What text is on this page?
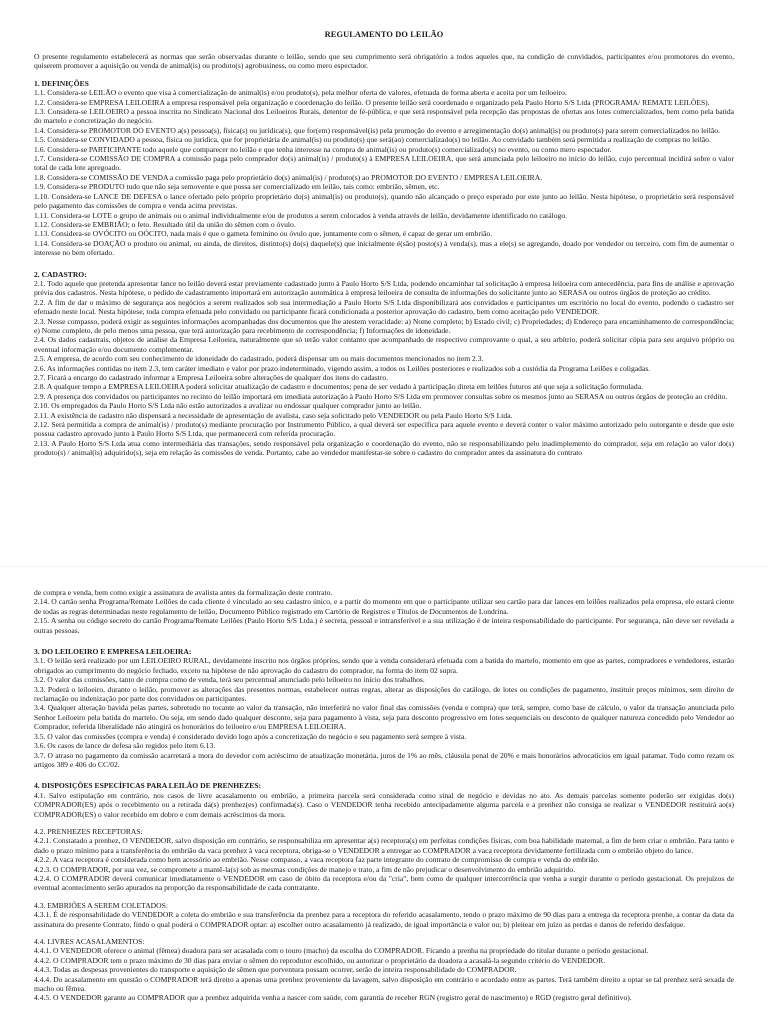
REGULAMENTO DO LEILÃO

O presente regulamento estabelecerá as normas que serão observadas durante o leilão, sendo que seu cumprimento será obrigatório a todos aqueles que, na condição de convidados, participantes e/ou promotores do evento, quiserem promover a aquisição ou venda de animal(is) ou produto(s) agrobusiness, ou como mero espectador.

1. DEFINIÇÕES

1.1. Considera-se LEILÃO o evento que visa à comercialização de animal(is) e/ou produto(s), pela melhor oferta de valores, efetuada de forma aberta e aceita por um leiloeiro.

1.2. Considera-se EMPRESA LEILOEIRA a empresa responsável pela organização e coordenação do leilão. O presente leilão será coordenado e organizado pela Paulo Horto S/S Ltda (PROGRAMA/ REMATE LEILÕES).

1.3. Considera-se LEILOEIRO a pessoa inscrita no Sindicato Nacional dos Leiloeiros Rurais, detentor de fé-pública, e que será responsável pela recepção das propostas de ofertas aos lotes comercializados, bem como pela batida do martelo e concretização do negócio.

1.4. Considera-se PROMOTOR DO EVENTO a(s) pessoa(s), física(s) ou jurídica(s), que for(em) responsável(is) pela promoção do evento e arregimentação do(s) animal(is) ou produto(s) para serem comercializados no leilão.

1.5. Considera-se CONVIDADO a pessoa, física ou jurídica, que for proprietária de animal(is) ou produto(s) que será(ao) comercializado(s) no leilão. Ao convidado também será permitida a realização de compras no leilão.

1.6. Considera-se PARTICIPANTE todo aquele que comparecer no leilão e que tenha interesse na compra de animal(is) ou produto(s) comercializado(s) no evento, ou como mero espectador.

1.7. Considera-se COMISSÃO DE COMPRA a comissão paga pelo comprador do(s) animal(is) / produto(s) à EMPRESA LEILOEIRA, que será anunciada pelo leiloeiro no início do leilão, cujo percentual incidirá sobre o valor total de cada lote apregoado.

1.8. Considera-se COMISSÃO DE VENDA a comissão paga pelo proprietário do(s) animal(is) / produto(s) ao PROMOTOR DO EVENTO / EMPRESA LEILOEIRA.

1.9. Considera-se PRODUTO tudo que não seja semovente e que possa ser comercializado em leilão, tais como: embrião, sêmen, etc.

1.10. Considera-se LANCE DE DEFESA o lance ofertado pelo próprio proprietário do(s) animal(is) ou produto(s), quando não alcançado o preço esperado por este junto ao leilão. Nesta hipótese, o proprietário será responsável pelo pagamento das comissões de compra e venda acima previstas.

1.11. Considera-se LOTE o grupo de animais ou o animal individualmente e/ou de produtos a serem colocados à venda através de leilão, devidamente identificado no catálogo.

1.12. Considera-se EMBRIÃO; o feto. Resultado útil da união do sêmen com o óvulo.

1.13. Considera-se OVÓCITO ou OÓCITO, nada mais é que o gameta feminino ou óvulo que, juntamente com o sêmen, é capaz de gerar um embrião.

1.14. Considera-se DOAÇÃO o produto ou animal, ou ainda, de direitos, distinto(s) do(s) daquele(s) que inicialmente é(são) posto(s) à venda(s), mas a ele(s) se agregando, doado por vendedor ou terceiro, com fim de aumentar o interesse no bem ofertado.

2. CADASTRO:

2.1. Todo aquele que pretenda apresentar lance no leilão deverá estar previamente cadastrado junto à Paulo Horto S/S Ltda, podendo encaminhar tal solicitação à empresa leiloeira com antecedência, para fins de análise e aprovação prévia dos cadastros. Nesta hipótese, o pedido de cadastramento importará em autorização automática à empresa leiloeira de consulta de informações do solicitante junto ao SERASA ou outros órgãos de proteção ao crédito.

2.2. A fim de dar o máximo de segurança aos negócios a serem realizados sob sua intermediação a Paulo Horto S/S Ltda disponibilizará aos convidados e participantes um escritório no local do evento, podendo o cadastro ser efetuado neste local. Nesta hipótese, toda compra efetuada pelo convidado ou participante ficará condicionada a posterior aprovação do cadastro, bem como aceitação pelo VENDEDOR.

2.3. Nesse compasso, poderá exigir as seguintes informações acompanhadas dos documentos que lhe atestem veracidade: a) Nome completo; b) Estado civil; c) Propriedades; d) Endereço para encaminhamento de correspondência; e) Nome completo, de pelo menos uma pessoa, que terá autorização para recebimento de correspondência; f) Informações de idoneidade.

2.4. Os dados cadastrais, objetos de análise da Empresa Leiloeira, naturalmente que só terão valor contanto que acompanhado de respectivo comprovante o qual, a seu arbítrio, poderá solicitar cópia para seu arquivo próprio ou eventual informação e/ou documento complementar.

2.5. A empresa, de acordo com seu conhecimento de idoneidade do cadastrado, poderá dispensar um ou mais documentos mencionados no item 2.3.

2.6. As informações contidas no item 2.3, tem caráter imediato e valor por prazo indeterminado, vigendo assim, a todos os Leilões posteriores e realizados sob a custódia da Programa Leilões e coligadas.

2.7. Ficará a encargo do cadastrado informar a Empresa Leiloeira sobre alterações de qualquer dos itens do cadastro.

2.8. A qualquer tempo a EMPRESA LEILOEIRA poderá solicitar atualização de cadastro e documentos; pena de ser vedado à participação direta em leilões futuros até que seja a solicitação formulada.

2.9. A presença dos convidados ou participantes no recinto do leilão importará em imediata autorização à Paulo Horto S/S Ltda em promover consultas sobre os mesmos junto ao SERASA ou outros órgãos de proteção ao crédito.

2.10. Os empregados da Paulo Horto S/S Ltda não estão autorizados a avalizar ou endossar qualquer comprador junto ao leilão.

2.11. A existência de cadastro não dispensará a necessidade de apresentação de avalista, caso seja solicitado pelo VENDEDOR ou pela Paulo Horto S/S Ltda.

2.12. Será permitida a compra de animal(is) / produto(s) mediante procuração por Instrumento Público, a qual deverá ser específica para aquele evento e deverá conter o valor máximo autorizado pelo outorgante e desde que este possua cadastro aprovado junto à Paulo Horto S/S Ltda, que permanecerá com referida procuração.

2.13. A Paulo Horto S/S Ltda atua como intermediária das transações, sendo responsável pela organização e coordenação do evento, não se responsabilizando pelo inadimplemento do comprador, seja em relação ao valor do(s) produto(s) / animal(is) adquirido(s), seja em relação às comissões de venda. Portanto, cabe ao vendedor manifestar-se sobre o cadastro do comprador antes da assinatura do contrato

de compra e venda, bem como exigir a assinatura de avalista antes da formalização deste contrato.

2.14. O cartão senha Programa/Remate Leilões de cada cliente é vinculado ao seu cadastro único, e a partir do momento em que o participante utilizar seu cartão para dar lances em leilões realizados pela empresa, ele estará ciente de todas as regras determinadas neste regulamento de leilão, Documento Público registrado em Cartório de Registros e Títulos de Documentos de Londrina.

2.15. A senha ou código secreto do cartão Programa/Remate Leilões (Paulo Horto S/S Ltda.) é secreta, pessoal e intransferível e a sua utilização é de inteira responsabilidade do participante. Por segurança, não deve ser revelada a outras pessoas.

3. DO LEILOEIRO E EMPRESA LEILOEIRA:

3.1. O leilão será realizado por um LEILOEIRO RURAL, devidamente inscrito nos órgãos próprios, sendo que a venda considerará efetuada com a batida do martelo, momento em que as partes, compradores e vendedores, estarão obrigados ao cumprimento do negócio fechado, exceto na hipótese de não aprovação do cadastro do comprador, na forma do item 02 supra.

3.2. O valor das comissões, tanto de compra como de venda, terá seu percentual anunciado pelo leiloeiro no início dos trabalhos.

3.3. Poderá o leiloeiro, durante o leilão, promover as alterações das presentes normas, estabelecer outras regras, alterar as disposições do catálogo, de lotes ou condições de pagamento, instituir preços mínimos, sem direito de reclamação ou indenização por parte dos convidados ou participantes.

3.4. Qualquer alteração havida pelas partes, sobretudo no tocante ao valor da transação, não interferirá no valor final das comissões (venda e compra) que terá, sempre, como base de cálculo, o valor da transação anunciada pelo Senhor Leiloeiro pela batida do martelo. Ou seja, em sendo dado qualquer desconto, seja para pagamento à vista, seja para desconto progressivo em lotes sequenciais ou desconto de qualquer natureza concedido pelo Vendedor ao Comprador, referida liberalidade não atingirá os honorários do leiloeiro e/ou EMPRESA LEILOEIRA.

3.5. O valor das comissões (compra e venda) é considerado devido logo após a concretização do negócio e seu pagamento será sempre à vista.

3.6. Os casos de lance de defesa são regidos pelo item 6.13.

3.7. O atraso no pagamento da comissão acarretará a mora do devedor com acréscimo de atualização monetária, juros de 1% ao mês, cláusula penal de 20% e mais honorários advocatícios em igual patamar. Tudo como rezam os artigos 389 e 406 do CC/02.

4. DISPOSIÇÕES ESPECÍFICAS PARA LEILÃO DE PRENHEZES:

4.1. Salvo estipulação em contrário, nos casos de livre acasalamento ou embrião, a primeira parcela será considerada como sinal de negócio e devidas no ato. As demais parcelas somente poderão ser exigidas do(s) COMPRADOR(ES) após o recebimento ou a retirada da(s) prenhez(es) confirmada(s). Caso o VENDEDOR tenha recebido antecipadamente alguma parcela e a prenhez não consiga se realizar o VENDEDOR restituirá ao(s) COMPRADOR(ES) o valor recebido em dobro e com demais acréscimos da mora.

4.2. PRENHEZES RECEPTORAS:

4.2.1. Constatado a prenhez, O VENDEDOR, salvo disposição em contrário, se responsabiliza em apresentar a(s) receptora(s) em perfeitas condições físicas, com boa habilidade maternal, a fim de bem criar o embrião. Para tanto e dado o prazo mínimo para a transferência do embrião da vaca prenhez à vaca receptora, obriga-se o VENDEDOR a entregar ao COMPRADOR a vaca receptora devidamente fertilizada com o embrião objeto do lance.

4.2.2. A vaca receptora é considerada como bem acessório ao embrião. Nesse compasso, a vaca receptora faz parte integrante do contrato de compromisso de compra e venda do embrião.

4.2.3. O COMPRADOR, por sua vez, se compromete a mantê-la(s) sob as mesmas condições de manejo e trato, a fim de não prejudicar o desenvolvimento do embrião adquirido.

4.2.4. O COMPRADOR deverá comunicar imediatamente o VENDEDOR em caso de óbito da receptora e/ou da "cria", bem como de qualquer intercorrência que venha a surgir durante o período gestacional. Os prejuízos de eventual acontecimento serão apurados na proporção da responsabilidade de cada contratante.

4.3. EMBRIÕES A SEREM COLETADOS:

4.3.1. É de responsabilidade do VENDEDOR a coleta do embrião e sua transferência da prenhez para a receptora do referido acasalamento, tendo o prazo máximo de 90 dias para a entrega da receptora prenhe, a contar da data da assinatura do presente Contrato, findo o qual poderá o COMPRADOR optar: a) escolher outro acasalamento já realizado, de igual importância e valor ou; b) pleitear em juízo as perdas e danos de referido desfalque.

4.4. LIVRES ACASALAMENTOS:

4.4.1. O VENDEDOR oferece o animal (fêmea) doadora para ser acasalada com o touro (macho) da escolha do COMPRADOR. Ficando a prenha na propriedade do titular durante o período gestacional.

4.4.2. O COMPRADOR tem o prazo máximo de 30 dias para enviar o sêmen do reprodutor escolhido, ou autorizar o proprietário da doadora a acasalá-la segundo critério do VENDEDOR.

4.4.3. Todas as despesas provenientes do transporte e aquisição de sêmen que porventura possam ocorrer, serão de inteira responsabilidade do COMPRADOR.

4.4.4. Do acasalamento em questão o COMPRADOR terá direito a apenas uma prenhez proveniente da lavagem, salvo disposição em contrário e acordado entre as partes. Terá também direito a optar se tal prenhez será sexada de macho ou fêmea.

4.4.5. O VENDEDOR garante ao COMPRADOR que a prenhez adquirida venha a nascer com saúde, com garantia de receber RGN (registro geral de nascimento) e RGD (registro geral definitivo).
